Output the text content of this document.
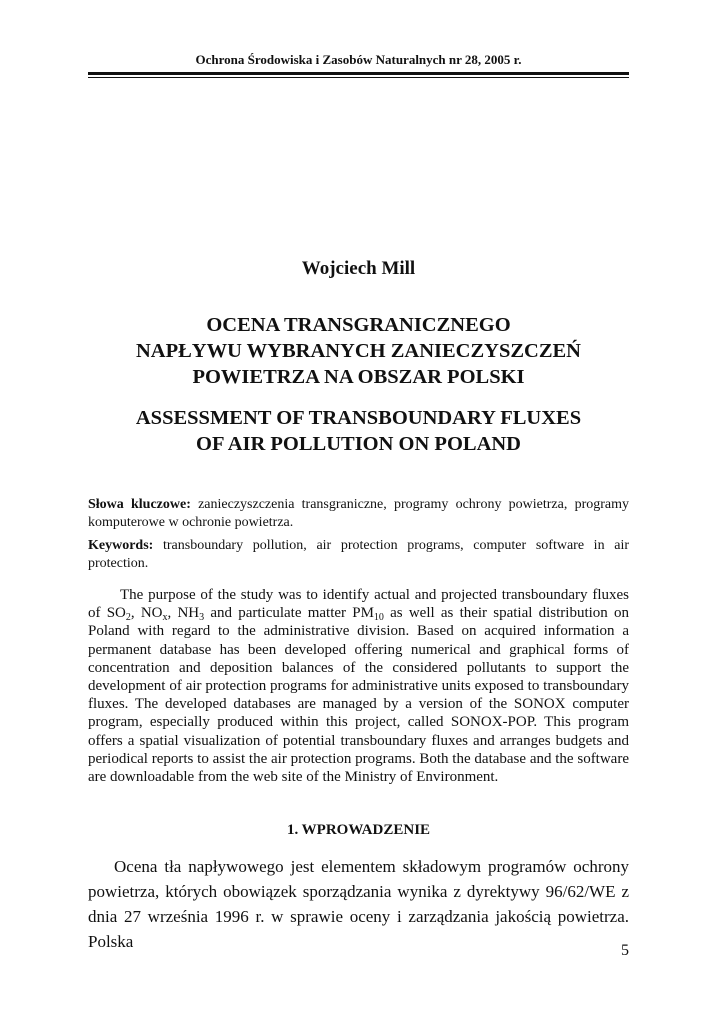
Ochrona Środowiska i Zasobów Naturalnych nr 28, 2005 r.
Wojciech Mill
OCENA TRANSGRANICZNEGO
NAPŁYWU WYBRANYCH ZANIECZYSZCZEŃ
POWIETRZA NA OBSZAR POLSKI
ASSESSMENT OF TRANSBOUNDARY FLUXES
OF AIR POLLUTION ON POLAND
Słowa kluczowe: zanieczyszczenia transgraniczne, programy ochrony powietrza, programy komputerowe w ochronie powietrza.
Keywords: transboundary pollution, air protection programs, computer software in air protection.
The purpose of the study was to identify actual and projected transboundary fluxes of $SO_2$, $NO_x$, $NH_3$ and particulate matter $PM_{10}$ as well as their spatial distribution on Poland with regard to the administrative division. Based on acquired information a permanent database has been developed offering numerical and graphical forms of concentration and deposition balances of the considered pollutants to support the development of air protection programs for administrative units exposed to transboundary fluxes. The developed databases are managed by a version of the SONOX computer program, especially produced within this project, called SONOX-POP. This program offers a spatial visualization of potential transboundary fluxes and arranges budgets and periodical reports to assist the air protection programs. Both the database and the software are downloadable from the web site of the Ministry of Environment.
1. WPROWADZENIE
Ocena tła napływowego jest elementem składowym programów ochrony powietrza, których obowiązek sporządzania wynika z dyrektywy 96/62/WE z dnia 27 września 1996 r. w sprawie oceny i zarządzania jakością powietrza. Polska	5
